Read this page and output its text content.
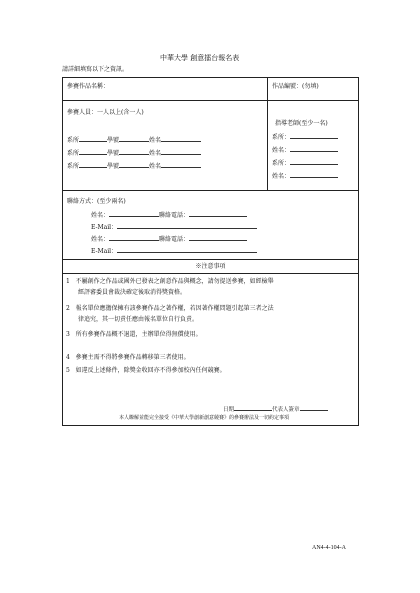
中華大學 創意擂台報名表
請詳細填寫以下之資訊。
參賽作品名稱：	作品編號：(勿填)
參賽人員：一人以上(含一人)
系所	學號	姓名
系所	學號	姓名
系所	學號	姓名
指導老師(至少一名)
系所：
姓名：
系所：
姓名：
聯絡方式：(至少兩名)
姓名：	聯絡電話：
E-Mail：
姓名：	聯絡電話：
E-Mail：
※注意事項
1 不屬創作之作品或國外已發表之創意作品與概念，請勿提送參賽，如經檢舉
經評審委員會裁決確定後取消得獎資格。
2 報名單位應擔保擁有該參賽作品之著作權，若因著作權問題引起第三者之法
律追究，其一切責任應由報名單位自行負責。
3 所有參賽作品概不退還，主辦單位得無償使用。
4 參賽主需不得將參賽作品轉移第三者使用。
5 如違反上述條件，除獎金收回亦不得參加校內任何競賽。
日期	代表人簽章
本人瞭解並能完全接受《中華大學創新創意競賽》的參賽辦法及一切約定事項
AN4-4-104-A
